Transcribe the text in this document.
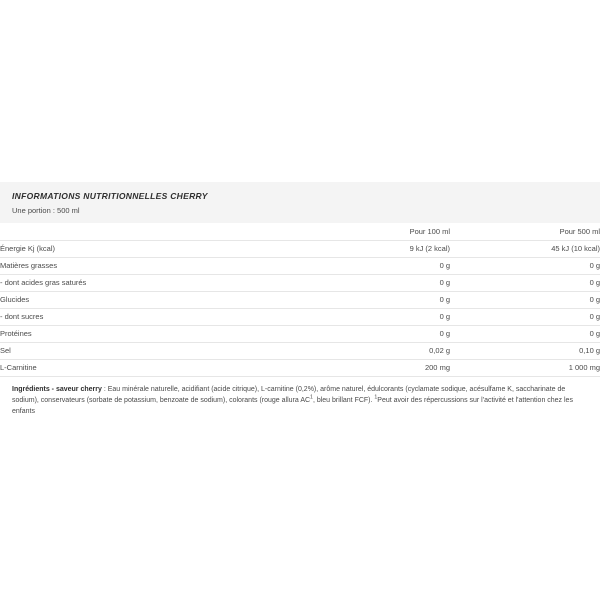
INFORMATIONS NUTRITIONNELLES CHERRY
Une portion : 500 ml
	Pour 100 ml	Pour 500 ml
Énergie Kj (kcal)	9 kJ (2 kcal)	45 kJ (10 kcal)
Matières grasses	0 g	0 g
- dont acides gras saturés	0 g	0 g
Glucides	0 g	0 g
- dont sucres	0 g	0 g
Protéines	0 g	0 g
Sel	0,02 g	0,10 g
L-Carnitine	200 mg	1 000 mg

Ingrédients - saveur cherry : Eau minérale naturelle, acidifiant (acide citrique), L-carnitine (0,2%), arôme naturel, édulcorants (cyclamate sodique, acésulfame K, saccharinate de sodium), conservateurs (sorbate de potassium, benzoate de sodium), colorants (rouge allura $AC^1$, bleu brillant FCF). $^1$Peut avoir des répercussions sur l'activité et l'attention chez les enfants
